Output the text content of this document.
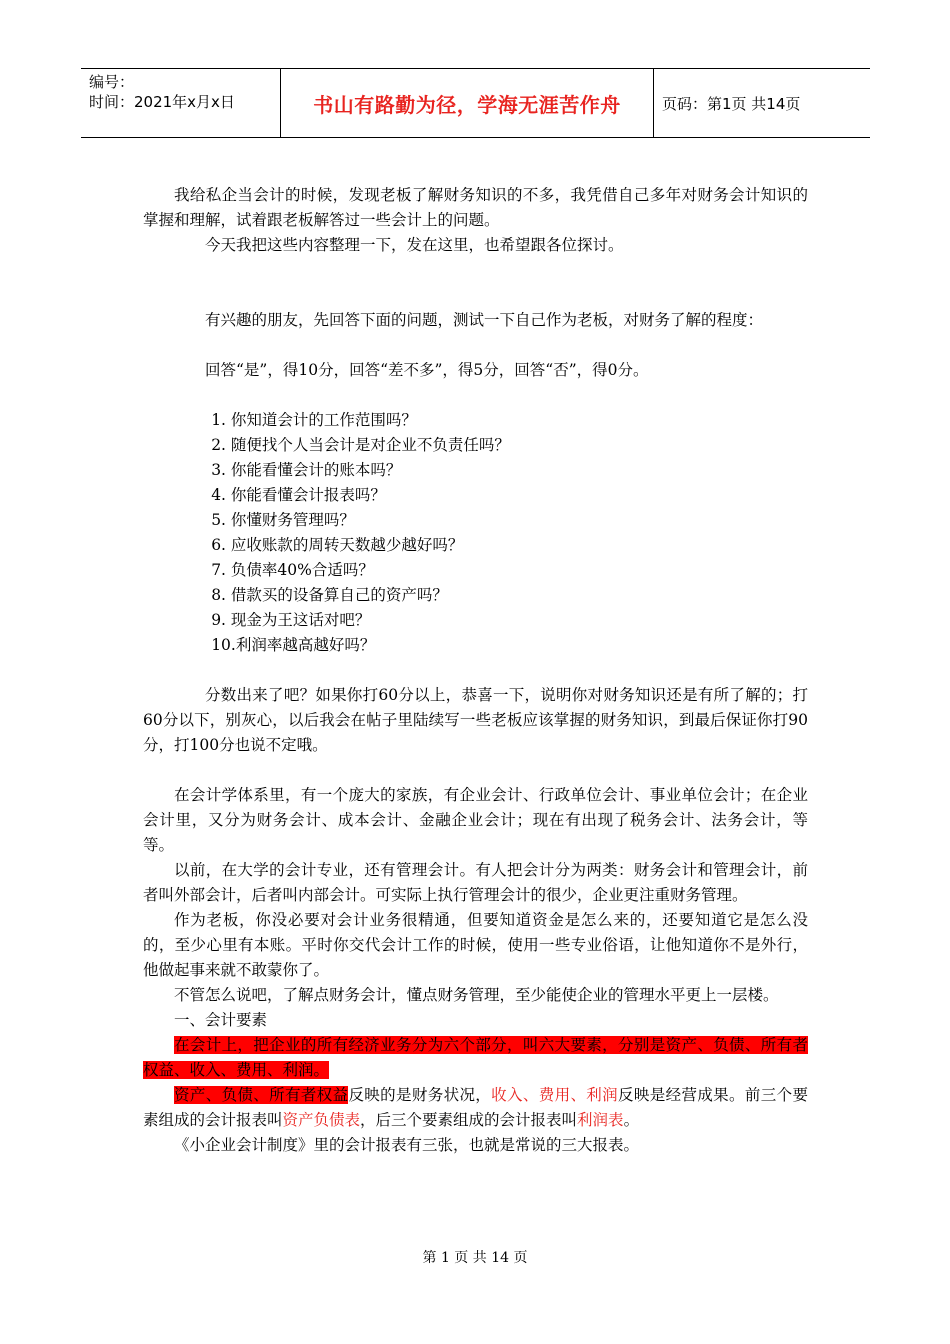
编号：
时间：2021年x月x日	书山有路勤为径，学海无涯苦作舟	页码：第1页 共14页

我给私企当会计的时候，发现老板了解财务知识的不多，我凭借自己多年对财务会计知识的掌握和理解，试着跟老板解答过一些会计上的问题。

今天我把这些内容整理一下，发在这里，也希望跟各位探讨。

有兴趣的朋友，先回答下面的问题，测试一下自己作为老板，对财务了解的程度：

回答“是”，得10分，回答“差不多”，得5分，回答“否”，得0分。

1. 你知道会计的工作范围吗？

2. 随便找个人当会计是对企业不负责任吗？

3. 你能看懂会计的账本吗？

4. 你能看懂会计报表吗？

5. 你懂财务管理吗？

6. 应收账款的周转天数越少越好吗？

7. 负债率40%合适吗？

8. 借款买的设备算自己的资产吗？

9. 现金为王这话对吧？

10.利润率越高越好吗？

分数出来了吧？如果你打60分以上，恭喜一下，说明你对财务知识还是有所了解的；打60分以下，别灰心，以后我会在帖子里陆续写一些老板应该掌握的财务知识，到最后保证你打90分，打100分也说不定哦。

在会计学体系里，有一个庞大的家族，有企业会计、行政单位会计、事业单位会计；在企业会计里，又分为财务会计、成本会计、金融企业会计；现在有出现了税务会计、法务会计，等等。

以前，在大学的会计专业，还有管理会计。有人把会计分为两类：财务会计和管理会计，前者叫外部会计，后者叫内部会计。可实际上执行管理会计的很少，企业更注重财务管理。

作为老板，你没必要对会计业务很精通，但要知道资金是怎么来的，还要知道它是怎么没的，至少心里有本账。平时你交代会计工作的时候，使用一些专业俗语，让他知道你不是外行，他做起事来就不敢蒙你了。

不管怎么说吧，了解点财务会计，懂点财务管理，至少能使企业的管理水平更上一层楼。

一、会计要素

在会计上，把企业的所有经济业务分为六个部分，叫六大要素，分别是资产、负债、所有者权益、收入、费用、利润。

资产、负债、所有者权益反映的是财务状况，收入、费用、利润反映是经营成果。前三个要素组成的会计报表叫资产负债表，后三个要素组成的会计报表叫利润表。

《小企业会计制度》里的会计报表有三张，也就是常说的三大报表。

第 1 页 共 14 页
